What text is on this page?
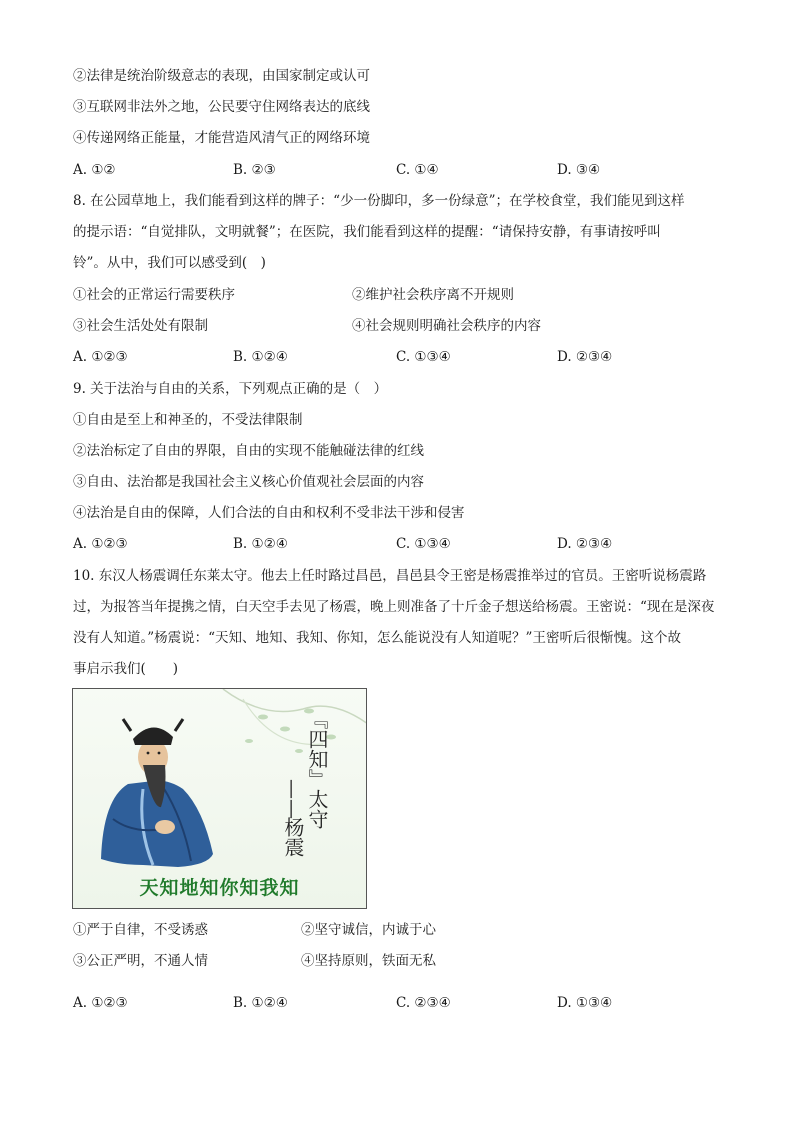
②法律是统治阶级意志的表现，由国家制定或认可
③互联网非法外之地，公民要守住网络表达的底线
④传递网络正能量，才能营造风清气正的网络环境
A. ①②	B. ②③	C. ①④	D. ③④
8. 在公园草地上，我们能看到这样的牌子：“少一份脚印，多一份绿意”；在学校食堂，我们能见到这样
的提示语：“自觉排队，文明就餐”；在医院，我们能看到这样的提醒：“请保持安静，有事请按呼叫
铃”。从中，我们可以感受到(　)
①社会的正常运行需要秩序	②维护社会秩序离不开规则
③社会生活处处有限制	④社会规则明确社会秩序的内容
A. ①②③	B. ①②④	C. ①③④	D. ②③④
9. 关于法治与自由的关系，下列观点正确的是（　）
①自由是至上和神圣的，不受法律限制
②法治标定了自由的界限，自由的实现不能触碰法律的红线
③自由、法治都是我国社会主义核心价值观社会层面的内容
④法治是自由的保障，人们合法的自由和权利不受非法干涉和侵害
A. ①②③	B. ①②④	C. ①③④	D. ②③④
10. 东汉人杨震调任东莱太守。他去上任时路过昌邑，昌邑县令王密是杨震推举过的官员。王密听说杨震路
过，为报答当年提携之情，白天空手去见了杨震，晚上则准备了十斤金子想送给杨震。王密说：“现在是深夜
没有人知道。”杨震说：“天知、地知、我知、你知，怎么能说没有人知道呢？”王密听后很惭愧。这个故
事启示我们(　　)
『四知』太守
——
杨震
天知地知你知我知
①严于自律，不受诱惑	②坚守诚信，内诚于心
③公正严明，不通人情	④坚持原则，铁面无私
A. ①②③	B. ①②④	C. ②③④	D. ①③④
